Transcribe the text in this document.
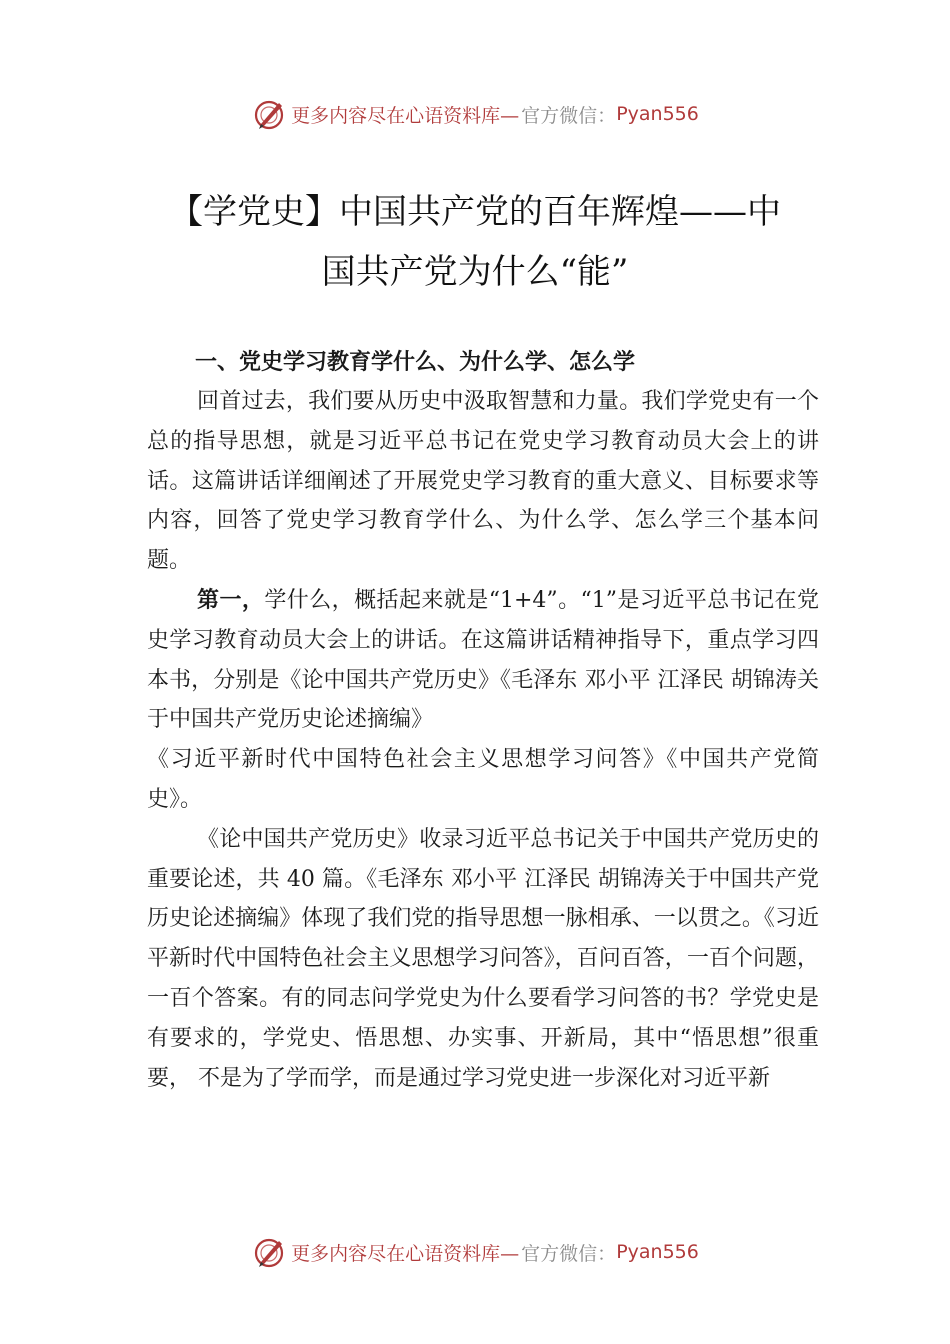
更多内容尽在心语资料库— 官方微信： Pyan556
【学党史】中国共产党的百年辉煌——中
国共产党为什么“能”

一、党史学习教育学什么、为什么学、怎么学

回首过去，我们要从历史中汲取智慧和力量。我们学党史有一个总的指导思想，就是习近平总书记在党史学习教育动员大会上的讲话。这篇讲话详细阐述了开展党史学习教育的重大意义、目标要求等内容，回答了党史学习教育学什么、为什么学、怎么学三个基本问题。

第一，学什么，概括起来就是“1+4”。“1”是习近平总书记在党史学习教育动员大会上的讲话。在这篇讲话精神指导下，重点学习四本书，分别是《论中国共产党历史》《毛泽东 邓小平 江泽民 胡锦涛关于中国共产党历史论述摘编》

《习近平新时代中国特色社会主义思想学习问答》《中国共产党简史》。

《论中国共产党历史》收录习近平总书记关于中国共产党历史的重要论述，共 40 篇。《毛泽东 邓小平 江泽民 胡锦涛关于中国共产党历史论述摘编》体现了我们党的指导思想一脉相承、一以贯之。《习近平新时代中国特色社会主义思想学习问答》，百问百答，一百个问题，一百个答案。有的同志问学党史为什么要看学习问答的书？学党史是有要求的，学党史、悟思想、办实事、开新局，其中“悟思想”很重要， 不是为了学而学，而是通过学习党史进一步深化对习近平新

更多内容尽在心语资料库— 官方微信： Pyan556
